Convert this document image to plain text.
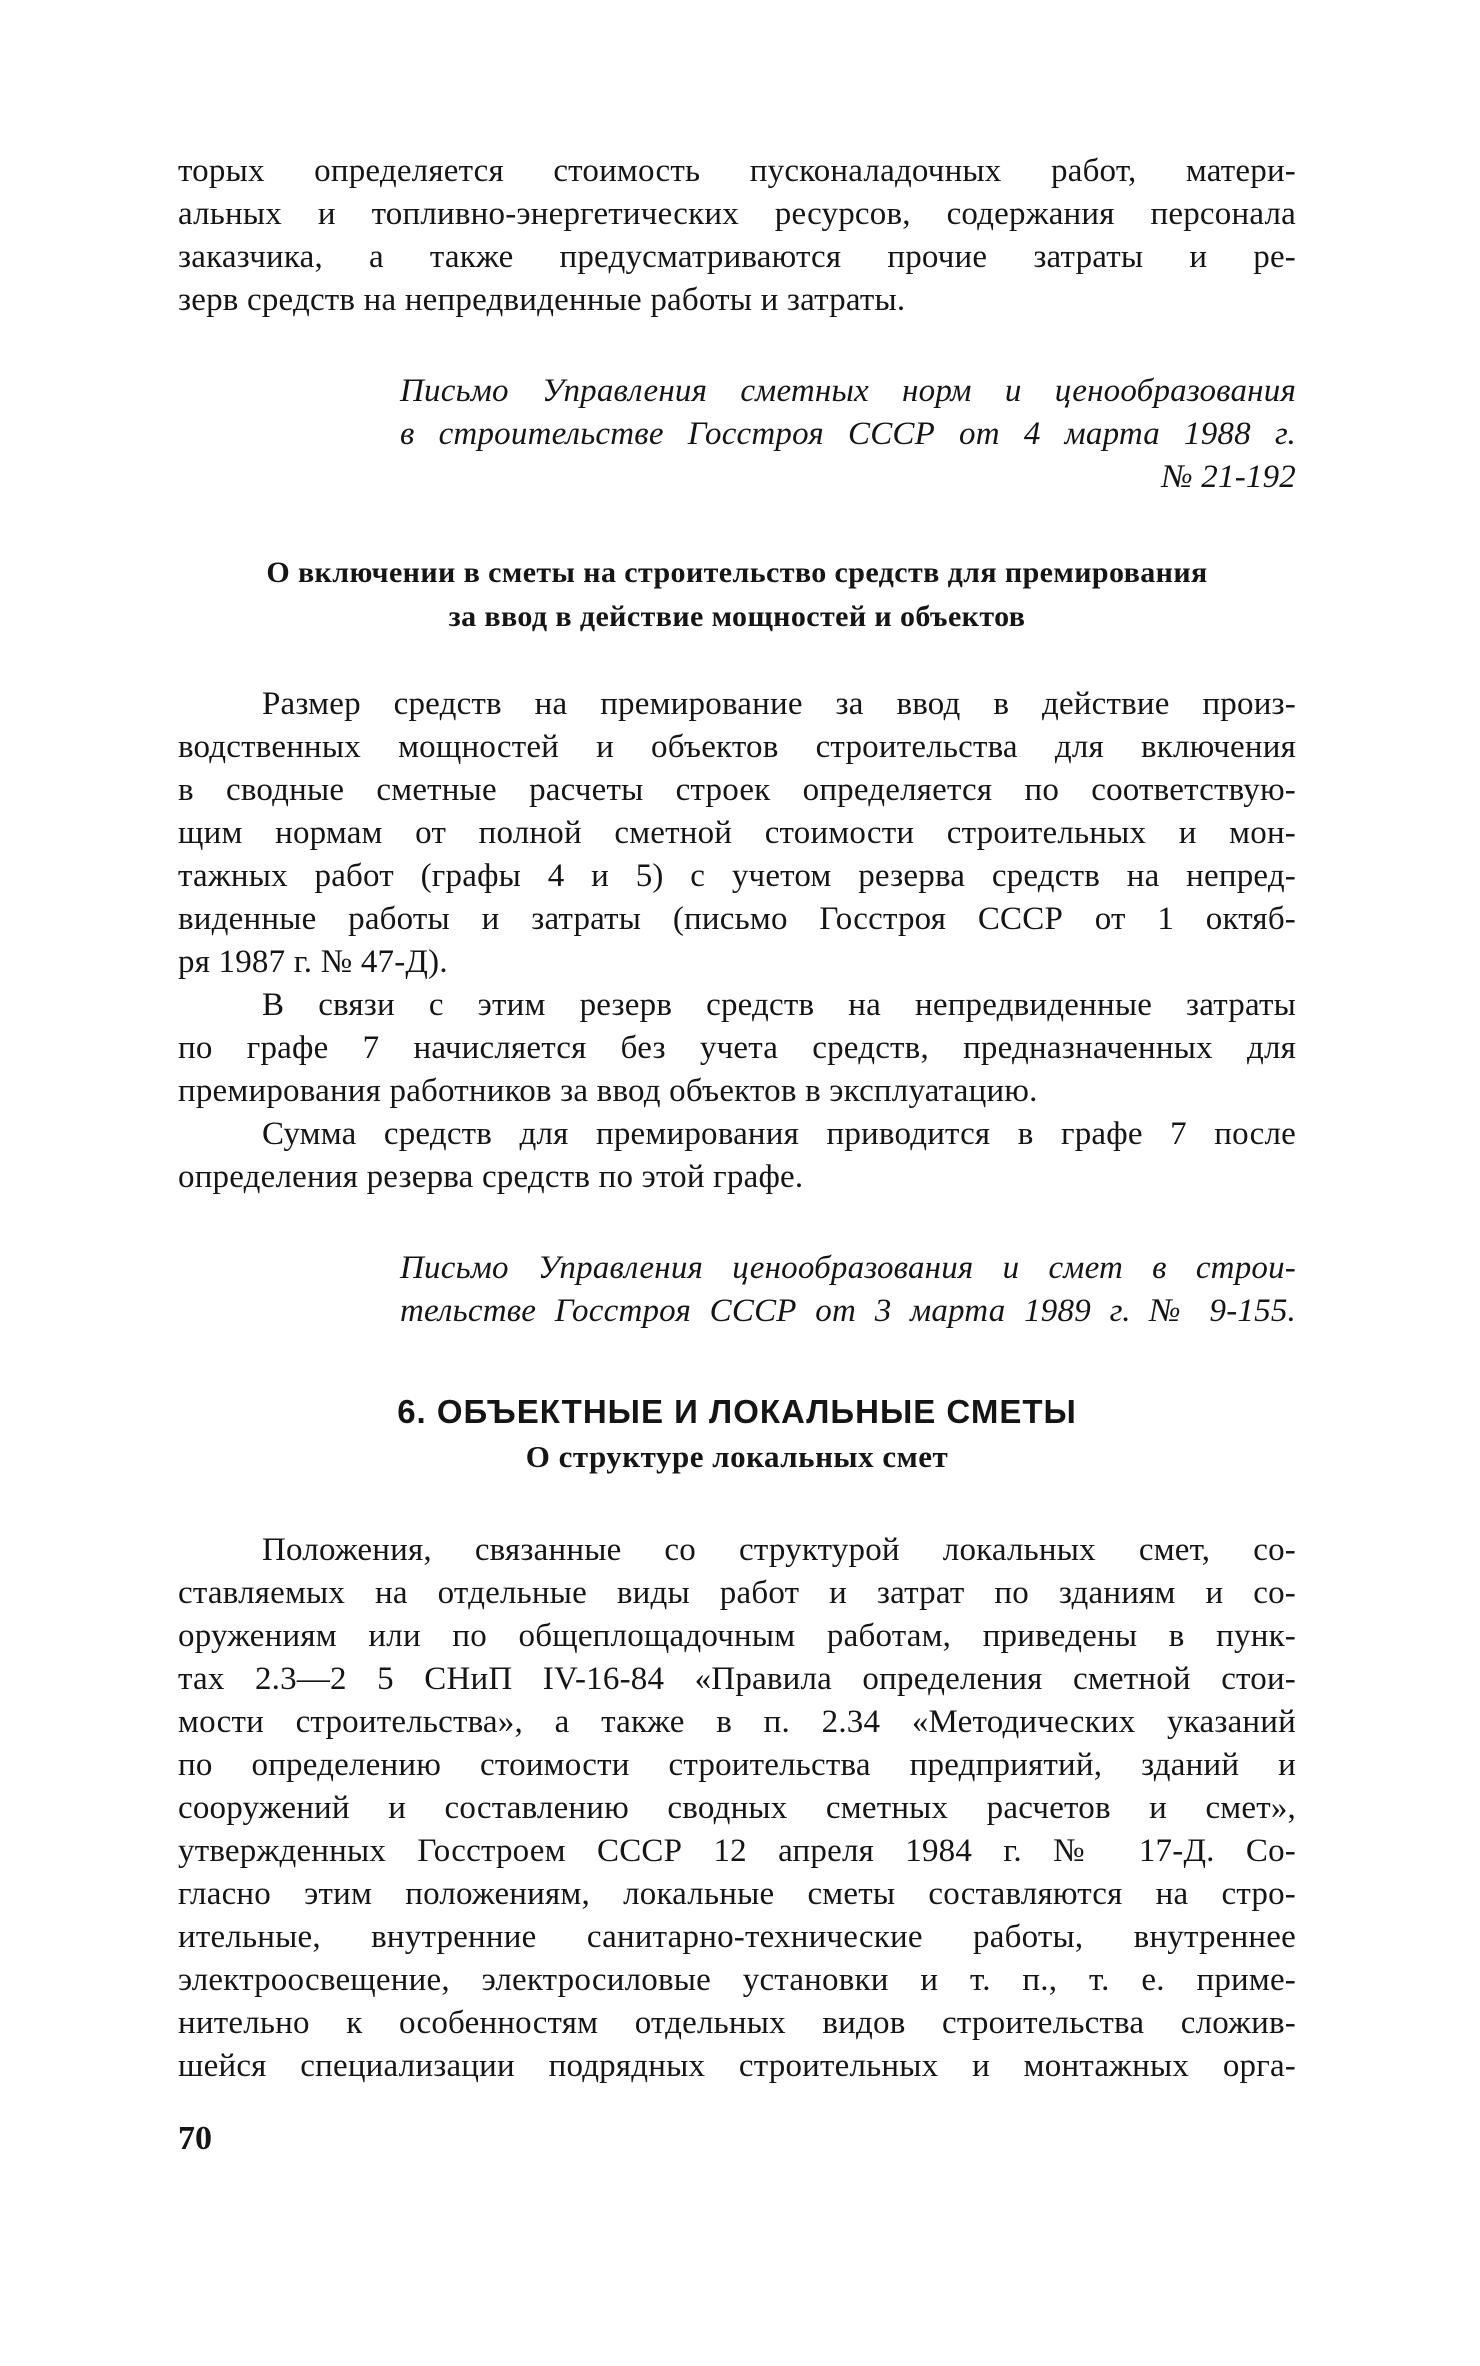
торых определяется стоимость пусконаладочных работ, матери-
альных и топливно-энергетических ресурсов, содержания персонала
заказчика, а также предусматриваются прочие затраты и ре-
зерв средств на непредвиденные работы и затраты.
Письмо Управления сметных норм и ценообразования
в строительстве Госстроя СССР от 4 марта 1988 г.
№ 21-192
О включении в сметы на строительство средств для премирования
за ввод в действие мощностей и объектов
Размер средств на премирование за ввод в действие произ-
водственных мощностей и объектов строительства для включения
в сводные сметные расчеты строек определяется по соответствую-
щим нормам от полной сметной стоимости строительных и мон-
тажных работ (графы 4 и 5) с учетом резерва средств на непред-
виденные работы и затраты (письмо Госстроя СССР от 1 октяб-
ря 1987 г. № 47-Д).
В связи с этим резерв средств на непредвиденные затраты
по графе 7 начисляется без учета средств, предназначенных для
премирования работников за ввод объектов в эксплуатацию.
Сумма средств для премирования приводится в графе 7 после
определения резерва средств по этой графе.
Письмо Управления ценообразования и смет в строи-
тельстве Госстроя СССР от 3 марта 1989 г. № 9-155.
6. ОБЪЕКТНЫЕ И ЛОКАЛЬНЫЕ СМЕТЫ
О структуре локальных смет
Положения, связанные со структурой локальных смет, со-
ставляемых на отдельные виды работ и затрат по зданиям и со-
оружениям или по общеплощадочным работам, приведены в пунк-
тах 2.3—2 5 СНиП IV-16-84 «Правила определения сметной стои-
мости строительства», а также в п. 2.34 «Методических указаний
по определению стоимости строительства предприятий, зданий и
сооружений и составлению сводных сметных расчетов и смет»,
утвержденных Госстроем СССР 12 апреля 1984 г. № 17-Д. Со-
гласно этим положениям, локальные сметы составляются на стро-
ительные, внутренние санитарно-технические работы, внутреннее
электроосвещение, электросиловые установки и т. п., т. е. приме-
нительно к особенностям отдельных видов строительства сложив-
шейся специализации подрядных строительных и монтажных орга-
70
